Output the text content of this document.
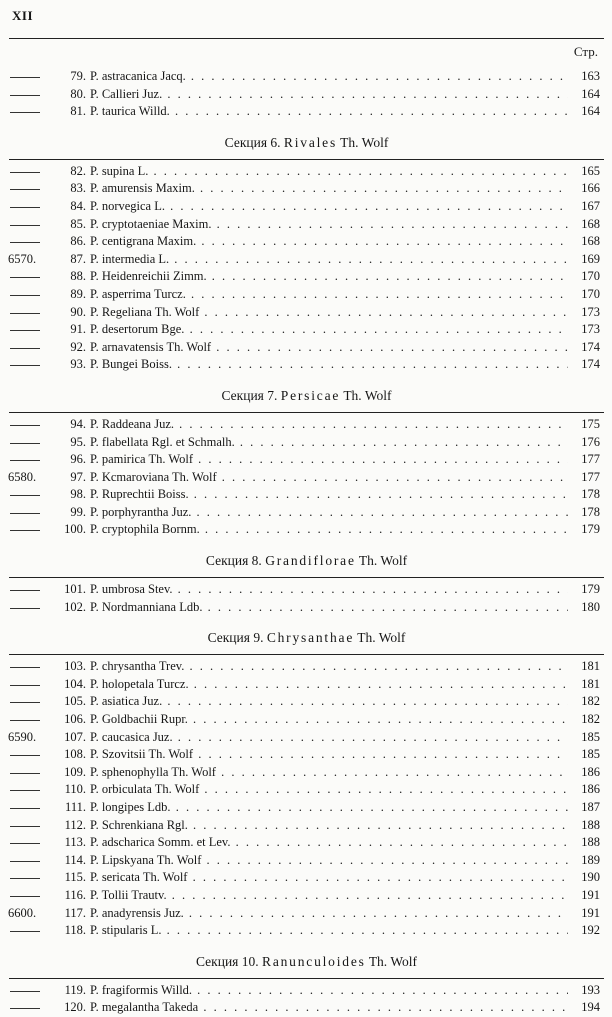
XII
Стр.
79. P. astracanica Jacq. . . .	163
80. P. Callieri Juz. . . .	164
81. P. taurica Willd. . . .	164
Секция 6. Rivales Th. Wolf
82. P. supina L. . . .	165
83. P. amurensis Maxim. . . .	166
84. P. norvegica L. . . .	167
85. P. cryptotaeniae Maxim. . . .	168
86. P. centigrana Maxim. . . .	168
6570.	87. P. intermedia L. . . .	169
88. P. Heidenreichii Zimm. . . .	170
89. P. asperrima Turcz. . . .	170
90. P. Regeliana Th. Wolf . . .	173
91. P. desertorum Bge. . . .	173
92. P. arnavatensis Th. Wolf . . .	174
93. P. Bungei Boiss. . . .	174
Секция 7. Persicae Th. Wolf
94. P. Raddeana Juz. . . .	175
95. P. flabellata Rgl. et Schmalh. . . .	176
96. P. pamirica Th. Wolf . . .	177
6580.	97. P. Kcmaroviana Th. Wolf . . .	177
98. P. Ruprechtii Boiss. . . .	178
99. P. porphyrantha Juz. . . .	178
100. P. cryptophila Bornm. . . .	179
Секция 8. Grandiflorae Th. Wolf
101. P. umbrosa Stev. . . .	179
102. P. Nordmanniana Ldb. . . .	180
Секция 9. Chrysanthae Th. Wolf
103. P. chrysantha Trev. . . .	181
104. P. holopetala Turcz. . . .	181
105. P. asiatica Juz. . . .	182
106. P. Goldbachii Rupr. . . .	182
6590.	107. P. caucasica Juz. . . .	185
108. P. Szovitsii Th. Wolf . . .	185
109. P. sphenophylla Th. Wolf . . .	186
110. P. orbiculata Th. Wolf . . .	186
111. P. longipes Ldb. . . .	187
112. P. Schrenkiana Rgl. . . .	188
113. P. adscharica Somm. et Lev. . . .	188
114. P. Lipskyana Th. Wolf . . .	189
115. P. sericata Th. Wolf . . .	190
116. P. Tollii Trautv. . . .	191
6600.	117. P. anadyrensis Juz. . . .	191
118. P. stipularis L. . . .	192
Секция 10. Ranunculoides Th. Wolf
119. P. fragiformis Willd. . . .	193
120. P. megalantha Takeda . . .	194
